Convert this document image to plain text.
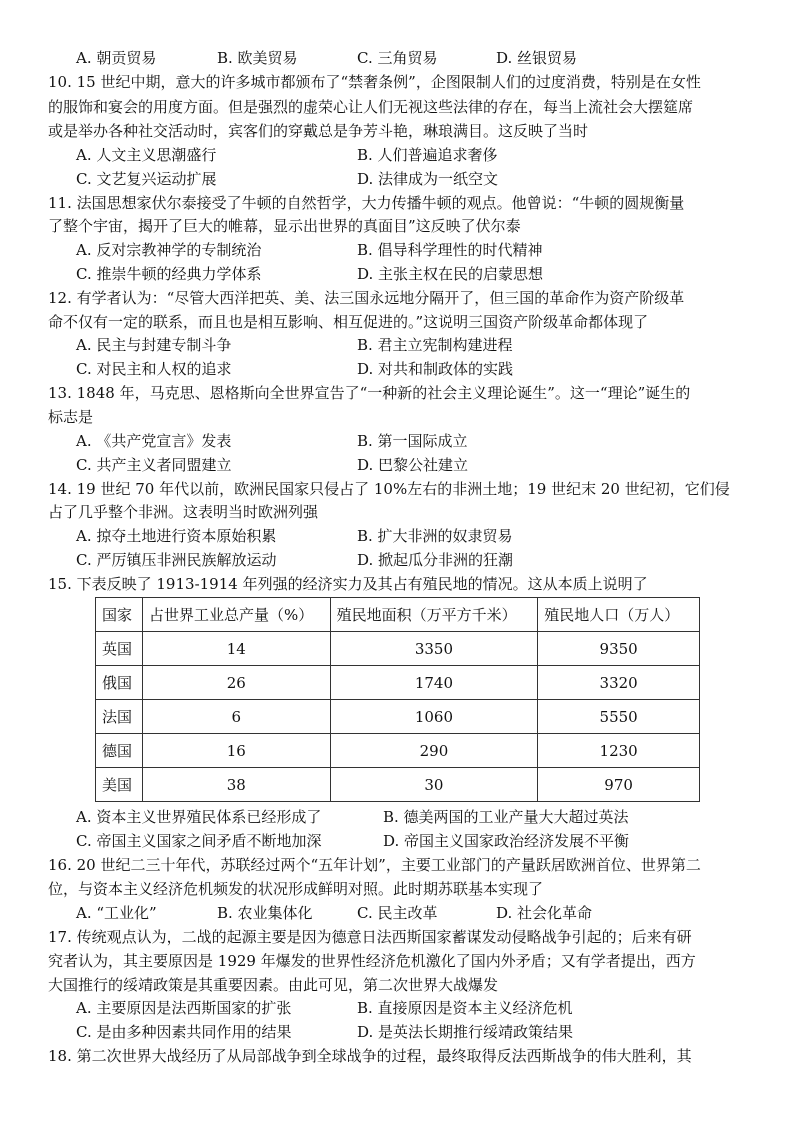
A. 朝贡贸易	B. 欧美贸易	C. 三角贸易	D. 丝银贸易
10. 15 世纪中期，意大的许多城市都颁布了“禁奢条例”，企图限制人们的过度消费，特别是在女性
的服饰和宴会的用度方面。但是强烈的虚荣心让人们无视这些法律的存在，每当上流社会大摆筵席
或是举办各种社交活动时，宾客们的穿戴总是争芳斗艳，琳琅满目。这反映了当时
A. 人文主义思潮盛行	B. 人们普遍追求奢侈
C. 文艺复兴运动扩展	D. 法律成为一纸空文
11. 法国思想家伏尔泰接受了牛顿的自然哲学，大力传播牛顿的观点。他曾说：“牛顿的圆规衡量
了整个宇宙，揭开了巨大的帷幕，显示出世界的真面目”这反映了伏尔泰
A. 反对宗教神学的专制统治	B. 倡导科学理性的时代精神
C. 推崇牛顿的经典力学体系	D. 主张主权在民的启蒙思想
12. 有学者认为：“尽管大西洋把英、美、法三国永远地分隔开了，但三国的革命作为资产阶级革
命不仅有一定的联系，而且也是相互影响、相互促进的。”这说明三国资产阶级革命都体现了
A. 民主与封建专制斗争	B. 君主立宪制构建进程
C. 对民主和人权的追求	D. 对共和制政体的实践
13. 1848 年，马克思、恩格斯向全世界宣告了“一种新的社会主义理论诞生”。这一“理论”诞生的
标志是
A. 《共产党宣言》发表	B. 第一国际成立
C. 共产主义者同盟建立	D. 巴黎公社建立
14. 19 世纪 70 年代以前，欧洲民国家只侵占了 10%左右的非洲土地；19 世纪末 20 世纪初，它们侵
占了几乎整个非洲。这表明当时欧洲列强
A. 掠夺土地进行资本原始积累	B. 扩大非洲的奴隶贸易
C. 严厉镇压非洲民族解放运动	D. 掀起瓜分非洲的狂潮
15. 下表反映了 1913-1914 年列强的经济实力及其占有殖民地的情况。这从本质上说明了
国家	占世界工业总产量（%）	殖民地面积（万平方千米）	殖民地人口（万人）
英国	14	3350	9350
俄国	26	1740	3320
法国	6	1060	5550
德国	16	290	1230
美国	38	30	970
A. 资本主义世界殖民体系已经形成了	B. 德美两国的工业产量大大超过英法
C. 帝国主义国家之间矛盾不断地加深	D. 帝国主义国家政治经济发展不平衡
16. 20 世纪二三十年代，苏联经过两个“五年计划”，主要工业部门的产量跃居欧洲首位、世界第二
位，与资本主义经济危机频发的状况形成鲜明对照。此时期苏联基本实现了
A. “工业化”	B. 农业集体化	C. 民主改革	D. 社会化革命
17. 传统观点认为，二战的起源主要是因为德意日法西斯国家蓄谋发动侵略战争引起的；后来有研
究者认为，其主要原因是 1929 年爆发的世界性经济危机激化了国内外矛盾；又有学者提出，西方
大国推行的绥靖政策是其重要因素。由此可见，第二次世界大战爆发
A. 主要原因是法西斯国家的扩张	B. 直接原因是资本主义经济危机
C. 是由多种因素共同作用的结果	D. 是英法长期推行绥靖政策结果
18. 第二次世界大战经历了从局部战争到全球战争的过程，最终取得反法西斯战争的伟大胜利，其
